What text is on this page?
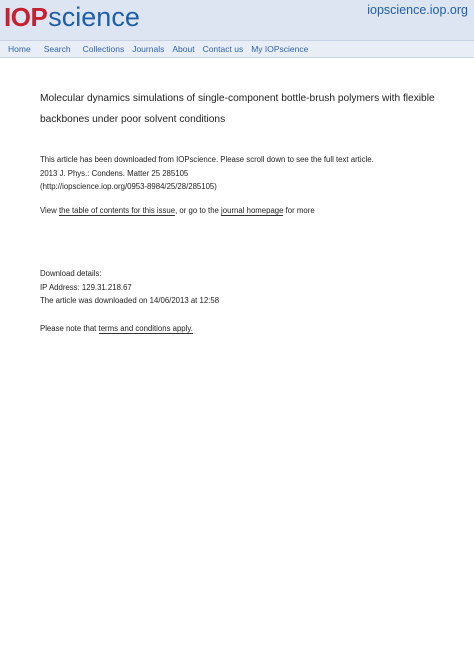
IOP science	iopscience.iop.org
Home Search Collections Journals About Contact us My IOPscience
Molecular dynamics simulations of single-component bottle-brush polymers with flexible
backbones under poor solvent conditions

This article has been downloaded from IOPscience. Please scroll down to see the full text article.

2013 J. Phys.: Condens. Matter 25 285105

(http://iopscience.iop.org/0953-8984/25/28/285105)

View the table of contents for this issue, or go to the journal homepage for more

Download details:

IP Address: 129.31.218.67

The article was downloaded on 14/06/2013 at 12:58

Please note that terms and conditions apply.
